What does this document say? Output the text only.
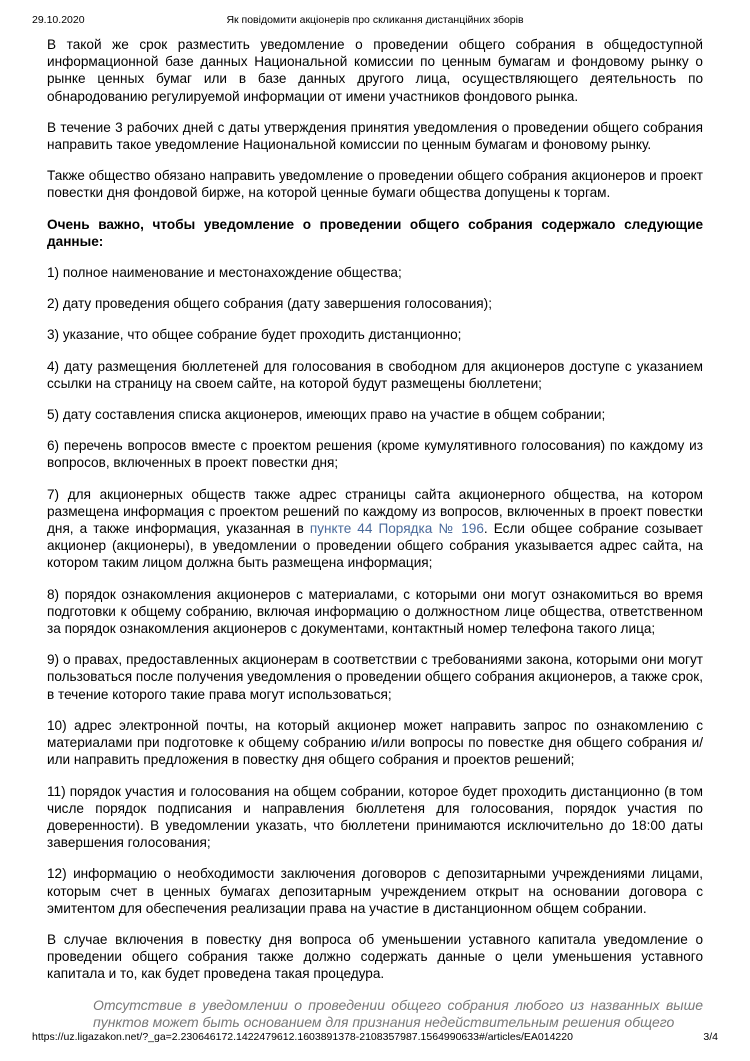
29.10.2020	Як повідомити акціонерів про скликання дистанційних зборів

В такой же срок разместить уведомление о проведении общего собрания в общедоступной информационной базе данных Национальной комиссии по ценным бумагам и фондовому рынку о рынке ценных бумаг или в базе данных другого лица, осуществляющего деятельность по обнародованию регулируемой информации от имени участников фондового рынка.

В течение 3 рабочих дней с даты утверждения принятия уведомления о проведении общего собрания направить такое уведомление Национальной комиссии по ценным бумагам и фоновому рынку.

Также общество обязано направить уведомление о проведении общего собрания акционеров и проект повестки дня фондовой бирже, на которой ценные бумаги общества допущены к торгам.

Очень важно, чтобы уведомление о проведении общего собрания содержало следующие данные:

1) полное наименование и местонахождение общества;

2) дату проведения общего собрания (дату завершения голосования);

3) указание, что общее собрание будет проходить дистанционно;

4) дату размещения бюллетеней для голосования в свободном для акционеров доступе с указанием ссылки на страницу на своем сайте, на которой будут размещены бюллетени;

5) дату составления списка акционеров, имеющих право на участие в общем собрании;

6) перечень вопросов вместе с проектом решения (кроме кумулятивного голосования) по каждому из вопросов, включенных в проект повестки дня;

7) для акционерных обществ также адрес страницы сайта акционерного общества, на котором размещена информация с проектом решений по каждому из вопросов, включенных в проект повестки дня, а также информация, указанная в пункте 44 Порядка № 196. Если общее собрание созывает акционер (акционеры), в уведомлении о проведении общего собрания указывается адрес сайта, на котором таким лицом должна быть размещена информация;

8) порядок ознакомления акционеров с материалами, с которыми они могут ознакомиться во время подготовки к общему собранию, включая информацию о должностном лице общества, ответственном за порядок ознакомления акционеров с документами, контактный номер телефона такого лица;

9) о правах, предоставленных акционерам в соответствии с требованиями закона, которыми они могут пользоваться после получения уведомления о проведении общего собрания акционеров, а также срок, в течение которого такие права могут использоваться;

10) адрес электронной почты, на который акционер может направить запрос по ознакомлению с материалами при подготовке к общему собранию и/или вопросы по повестке дня общего собрания и/или направить предложения в повестку дня общего собрания и проектов решений;

11) порядок участия и голосования на общем собрании, которое будет проходить дистанционно (в том числе порядок подписания и направления бюллетеня для голосования, порядок участия по доверенности). В уведомлении указать, что бюллетени принимаются исключительно до 18:00 даты завершения голосования;

12) информацию о необходимости заключения договоров с депозитарными учреждениями лицами, которым счет в ценных бумагах депозитарным учреждением открыт на основании договора с эмитентом для обеспечения реализации права на участие в дистанционном общем собрании.

В случае включения в повестку дня вопроса об уменьшении уставного капитала уведомление о проведении общего собрания также должно содержать данные о цели уменьшения уставного капитала и то, как будет проведена такая процедура.

Отсутствие в уведомлении о проведении общего собрания любого из названных выше пунктов может быть основанием для признания недействительным решения общего

https://uz.ligazakon.net/?_ga=2.230646172.1422479612.1603891378-2108357987.1564990633#/articles/EA014220	3/4
